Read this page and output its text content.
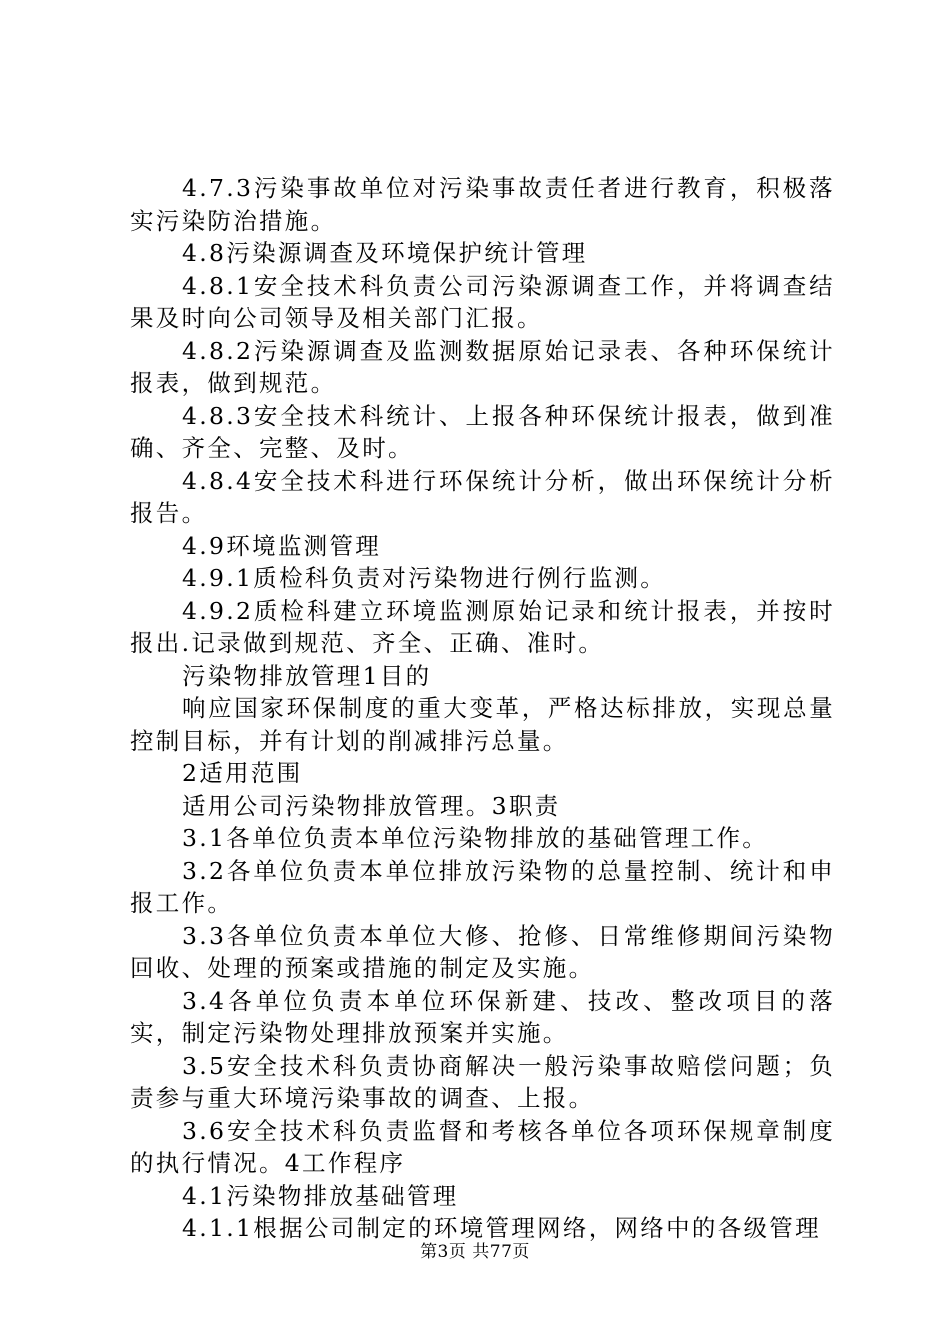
4.7.3污染事故单位对污染事故责任者进行教育，积极落实污染防治措施。

4.8污染源调查及环境保护统计管理

4.8.1安全技术科负责公司污染源调查工作，并将调查结果及时向公司领导及相关部门汇报。

4.8.2污染源调查及监测数据原始记录表、各种环保统计报表，做到规范。

4.8.3安全技术科统计、上报各种环保统计报表，做到准确、齐全、完整、及时。

4.8.4安全技术科进行环保统计分析，做出环保统计分析报告。

4.9环境监测管理

4.9.1质检科负责对污染物进行例行监测。

4.9.2质检科建立环境监测原始记录和统计报表，并按时报出.记录做到规范、齐全、正确、准时。

污染物排放管理1目的

响应国家环保制度的重大变革，严格达标排放，实现总量控制目标，并有计划的削减排污总量。

2适用范围

适用公司污染物排放管理。3职责

3.1各单位负责本单位污染物排放的基础管理工作。

3.2各单位负责本单位排放污染物的总量控制、统计和申报工作。

3.3各单位负责本单位大修、抢修、日常维修期间污染物回收、处理的预案或措施的制定及实施。

3.4各单位负责本单位环保新建、技改、整改项目的落实，制定污染物处理排放预案并实施。

3.5安全技术科负责协商解决一般污染事故赔偿问题；负责参与重大环境污染事故的调查、上报。

3.6安全技术科负责监督和考核各单位各项环保规章制度的执行情况。4工作程序

4.1污染物排放基础管理

4.1.1根据公司制定的环境管理网络，网络中的各级管理

第3页 共77页
